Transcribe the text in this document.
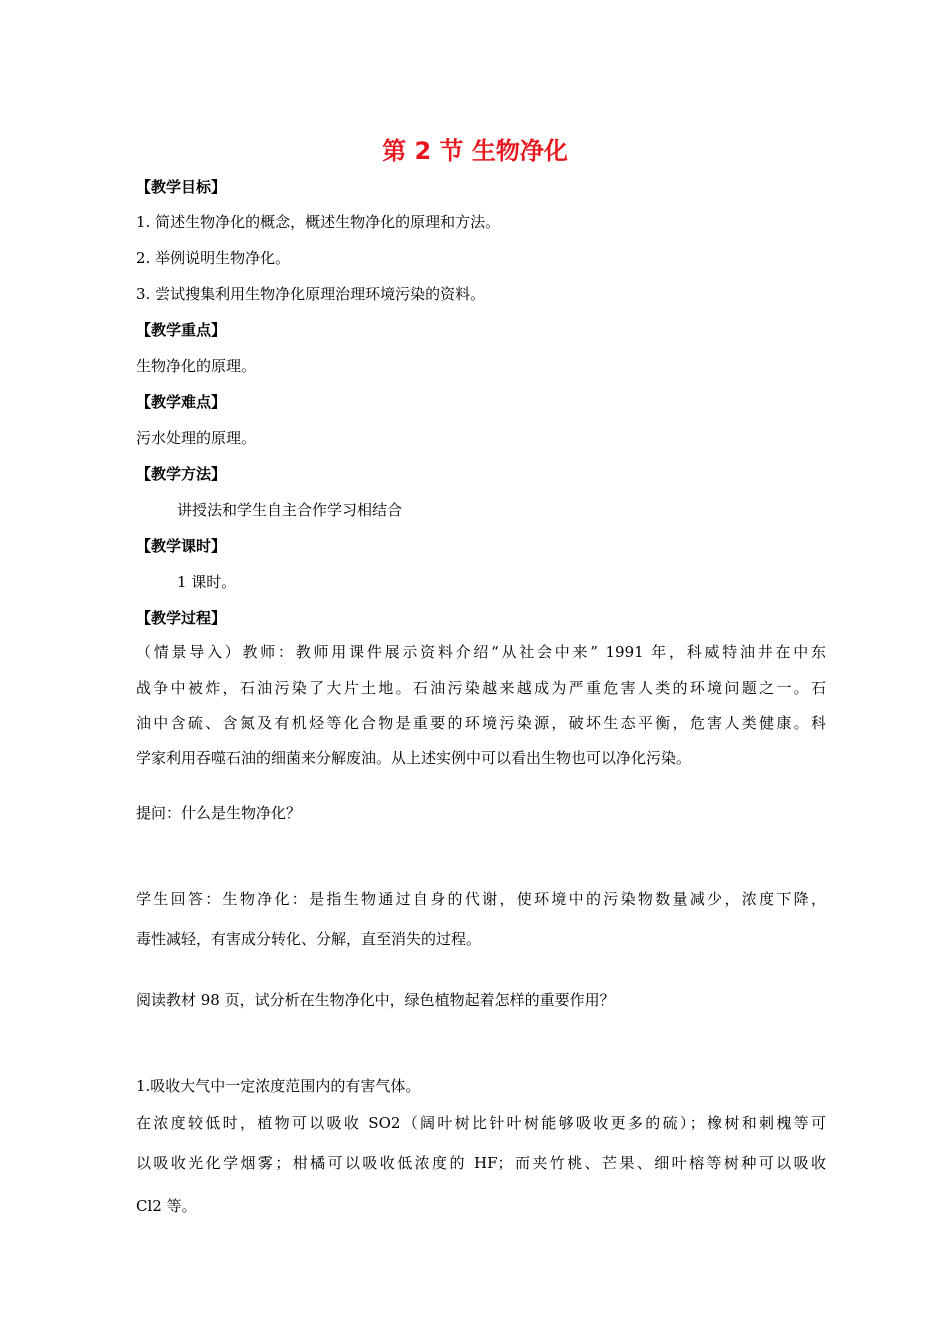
第 2 节 生物净化
【教学目标】
1. 简述生物净化的概念，概述生物净化的原理和方法。
2. 举例说明生物净化。
3. 尝试搜集利用生物净化原理治理环境污染的资料。
【教学重点】
生物净化的原理。
【教学难点】
污水处理的原理。
【教学方法】
讲授法和学生自主合作学习相结合
【教学课时】
1 课时。
【教学过程】
（情景导入）教师：教师用课件展示资料介绍“从社会中来” 1991 年，科威特油井在中东
战争中被炸，石油污染了大片土地。石油污染越来越成为严重危害人类的环境问题之一。石
油中含硫、含氮及有机烃等化合物是重要的环境污染源，破坏生态平衡，危害人类健康。科
学家利用吞噬石油的细菌来分解废油。从上述实例中可以看出生物也可以净化污染。
提问：什么是生物净化？
学生回答：生物净化：是指生物通过自身的代谢，使环境中的污染物数量减少，浓度下降，
毒性减轻，有害成分转化、分解，直至消失的过程。
阅读教材 98 页，试分析在生物净化中，绿色植物起着怎样的重要作用？
1.吸收大气中一定浓度范围内的有害气体。
在浓度较低时，植物可以吸收 SO2（阔叶树比针叶树能够吸收更多的硫）；橡树和刺槐等可
以吸收光化学烟雾；柑橘可以吸收低浓度的 HF；而夹竹桃、芒果、细叶榕等树种可以吸收
Cl2 等。
